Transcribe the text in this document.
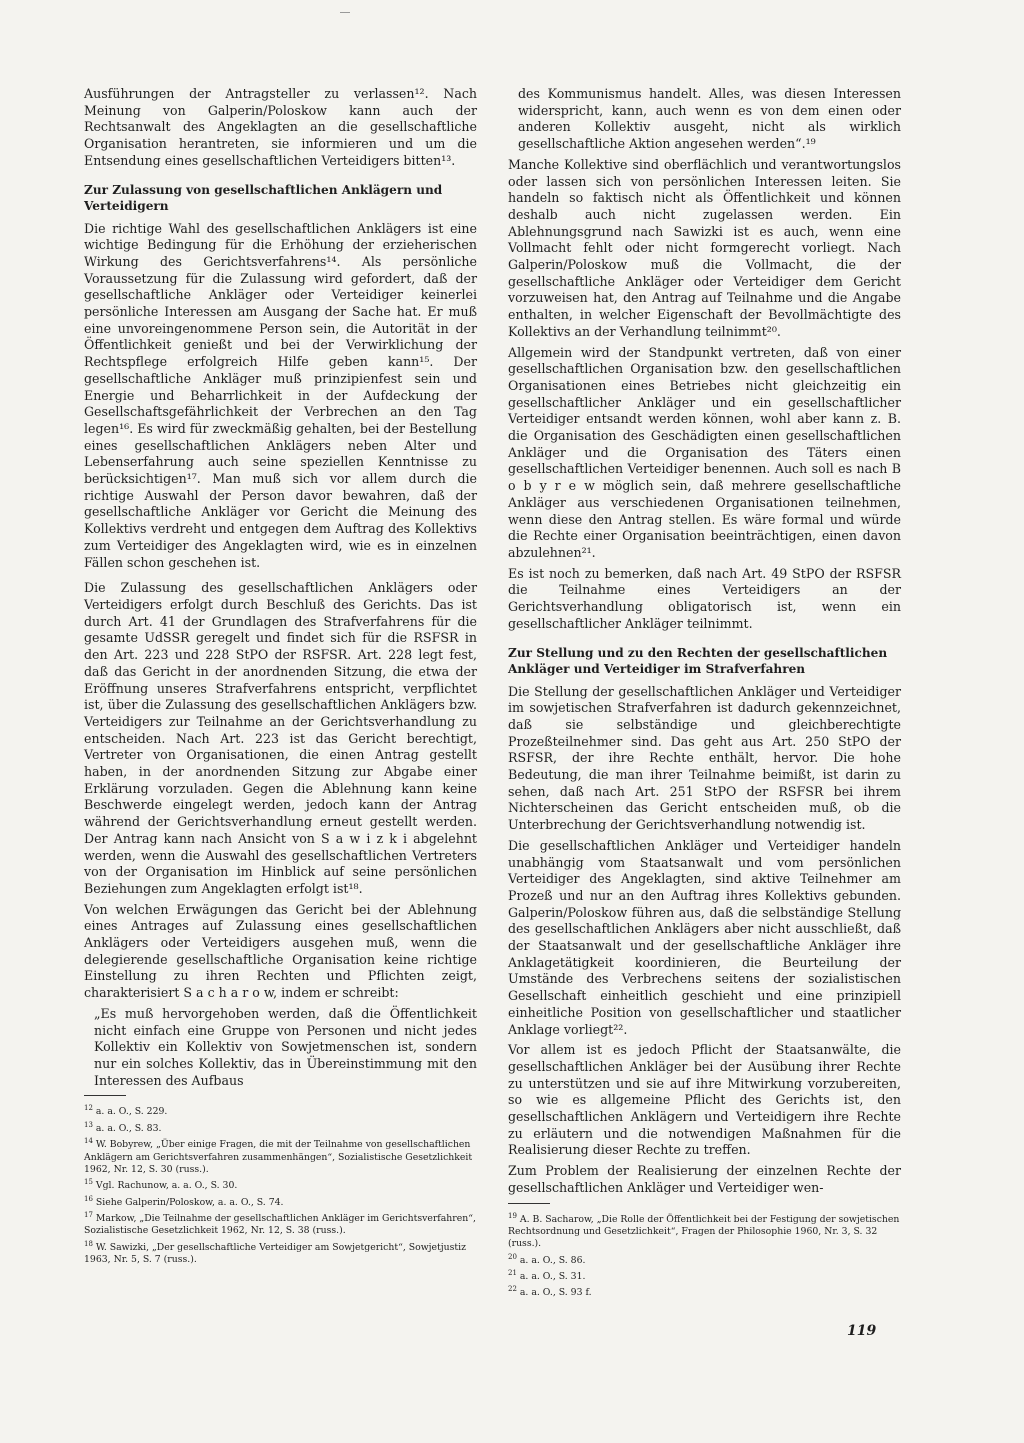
Ausführungen der Antragsteller zu verlassen¹². Nach Meinung von Galperin/Poloskow kann auch der Rechtsanwalt des Angeklagten an die gesellschaftliche Organisation herantreten, sie informieren und um die Entsendung eines gesellschaftlichen Verteidigers bitten¹³.

Zur Zulassung von gesellschaftlichen Anklägern und Verteidigern

Die richtige Wahl des gesellschaftlichen Anklägers ist eine wichtige Bedingung für die Erhöhung der erzieherischen Wirkung des Gerichtsverfahrens¹⁴. Als persönliche Voraussetzung für die Zulassung wird gefordert, daß der gesellschaftliche Ankläger oder Verteidiger keinerlei persönliche Interessen am Ausgang der Sache hat. Er muß eine unvoreingenommene Person sein, die Autorität in der Öffentlichkeit genießt und bei der Verwirklichung der Rechtspflege erfolgreich Hilfe geben kann¹⁵. Der gesellschaftliche Ankläger muß prinzipienfest sein und Energie und Beharrlichkeit in der Aufdeckung der Gesellschaftsgefährlichkeit der Verbrechen an den Tag legen¹⁶. Es wird für zweckmäßig gehalten, bei der Bestellung eines gesellschaftlichen Anklägers neben Alter und Lebenserfahrung auch seine speziellen Kenntnisse zu berücksichtigen¹⁷. Man muß sich vor allem durch die richtige Auswahl der Person davor bewahren, daß der gesellschaftliche Ankläger vor Gericht die Meinung des Kollektivs verdreht und entgegen dem Auftrag des Kollektivs zum Verteidiger des Angeklagten wird, wie es in einzelnen Fällen schon geschehen ist.

Die Zulassung des gesellschaftlichen Anklägers oder Verteidigers erfolgt durch Beschluß des Gerichts. Das ist durch Art. 41 der Grundlagen des Strafverfahrens für die gesamte UdSSR geregelt und findet sich für die RSFSR in den Art. 223 und 228 StPO der RSFSR. Art. 228 legt fest, daß das Gericht in der anordnenden Sitzung, die etwa der Eröffnung unseres Strafverfahrens entspricht, verpflichtet ist, über die Zulassung des gesellschaftlichen Anklägers bzw. Verteidigers zur Teilnahme an der Gerichtsverhandlung zu entscheiden. Nach Art. 223 ist das Gericht berechtigt, Vertreter von Organisationen, die einen Antrag gestellt haben, in der anordnenden Sitzung zur Abgabe einer Erklärung vorzuladen. Gegen die Ablehnung kann keine Beschwerde eingelegt werden, jedoch kann der Antrag während der Gerichtsverhandlung erneut gestellt werden. Der Antrag kann nach Ansicht von S a w i z k i abgelehnt werden, wenn die Auswahl des gesellschaftlichen Vertreters von der Organisation im Hinblick auf seine persönlichen Beziehungen zum Angeklagten erfolgt ist¹⁸.

Von welchen Erwägungen das Gericht bei der Ablehnung eines Antrages auf Zulassung eines gesellschaftlichen Anklägers oder Verteidigers ausgehen muß, wenn die delegierende gesellschaftliche Organisation keine richtige Einstellung zu ihren Rechten und Pflichten zeigt, charakterisiert S a c h a r o w, indem er schreibt:

„Es muß hervorgehoben werden, daß die Öffentlichkeit nicht einfach eine Gruppe von Personen und nicht jedes Kollektiv ein Kollektiv von Sowjetmenschen ist, sondern nur ein solches Kollektiv, das in Übereinstimmung mit den Interessen des Aufbaus

$^{12}$ a. a. O., S. 229.

$^{13}$ a. a. O., S. 83.

$^{14}$ W. Bobyrew, „Über einige Fragen, die mit der Teilnahme von gesellschaftlichen Anklägern am Gerichtsverfahren zusammenhängen“, Sozialistische Gesetzlichkeit 1962, Nr. 12, S. 30 (russ.).

$^{15}$ Vgl. Rachunow, a. a. O., S. 30.

$^{16}$ Siehe Galperin/Poloskow, a. a. O., S. 74.

$^{17}$ Markow, „Die Teilnahme der gesellschaftlichen Ankläger im Gerichtsverfahren“, Sozialistische Gesetzlichkeit 1962, Nr. 12, S. 38 (russ.).

$^{18}$ W. Sawizki, „Der gesellschaftliche Verteidiger am Sowjetgericht“, Sowjetjustiz 1963, Nr. 5, S. 7 (russ.).

des Kommunismus handelt. Alles, was diesen Interessen widerspricht, kann, auch wenn es von dem einen oder anderen Kollektiv ausgeht, nicht als wirklich gesellschaftliche Aktion angesehen werden“.¹⁹

Manche Kollektive sind oberflächlich und verantwortungslos oder lassen sich von persönlichen Interessen leiten. Sie handeln so faktisch nicht als Öffentlichkeit und können deshalb auch nicht zugelassen werden. Ein Ablehnungsgrund nach Sawizki ist es auch, wenn eine Vollmacht fehlt oder nicht formgerecht vorliegt. Nach Galperin/Poloskow muß die Vollmacht, die der gesellschaftliche Ankläger oder Verteidiger dem Gericht vorzuweisen hat, den Antrag auf Teilnahme und die Angabe enthalten, in welcher Eigenschaft der Bevollmächtigte des Kollektivs an der Verhandlung teilnimmt²⁰.

Allgemein wird der Standpunkt vertreten, daß von einer gesellschaftlichen Organisation bzw. den gesellschaftlichen Organisationen eines Betriebes nicht gleichzeitig ein gesellschaftlicher Ankläger und ein gesellschaftlicher Verteidiger entsandt werden können, wohl aber kann z. B. die Organisation des Geschädigten einen gesellschaftlichen Ankläger und die Organisation des Täters einen gesellschaftlichen Verteidiger benennen. Auch soll es nach B o b y r e w möglich sein, daß mehrere gesellschaftliche Ankläger aus verschiedenen Organisationen teilnehmen, wenn diese den Antrag stellen. Es wäre formal und würde die Rechte einer Organisation beeinträchtigen, einen davon abzulehnen²¹.

Es ist noch zu bemerken, daß nach Art. 49 StPO der RSFSR die Teilnahme eines Verteidigers an der Gerichtsverhandlung obligatorisch ist, wenn ein gesellschaftlicher Ankläger teilnimmt.

Zur Stellung und zu den Rechten der gesellschaftlichen Ankläger und Verteidiger im Strafverfahren

Die Stellung der gesellschaftlichen Ankläger und Verteidiger im sowjetischen Strafverfahren ist dadurch gekennzeichnet, daß sie selbständige und gleichberechtigte Prozeßteilnehmer sind. Das geht aus Art. 250 StPO der RSFSR, der ihre Rechte enthält, hervor. Die hohe Bedeutung, die man ihrer Teilnahme beimißt, ist darin zu sehen, daß nach Art. 251 StPO der RSFSR bei ihrem Nichterscheinen das Gericht entscheiden muß, ob die Unterbrechung der Gerichtsverhandlung notwendig ist.

Die gesellschaftlichen Ankläger und Verteidiger handeln unabhängig vom Staatsanwalt und vom persönlichen Verteidiger des Angeklagten, sind aktive Teilnehmer am Prozeß und nur an den Auftrag ihres Kollektivs gebunden. Galperin/Poloskow führen aus, daß die selbständige Stellung des gesellschaftlichen Anklägers aber nicht ausschließt, daß der Staatsanwalt und der gesellschaftliche Ankläger ihre Anklagetätigkeit koordinieren, die Beurteilung der Umstände des Verbrechens seitens der sozialistischen Gesellschaft einheitlich geschieht und eine prinzipiell einheitliche Position von gesellschaftlicher und staatlicher Anklage vorliegt²².

Vor allem ist es jedoch Pflicht der Staatsanwälte, die gesellschaftlichen Ankläger bei der Ausübung ihrer Rechte zu unterstützen und sie auf ihre Mitwirkung vorzubereiten, so wie es allgemeine Pflicht des Gerichts ist, den gesellschaftlichen Anklägern und Verteidigern ihre Rechte zu erläutern und die notwendigen Maßnahmen für die Realisierung dieser Rechte zu treffen.

Zum Problem der Realisierung der einzelnen Rechte der gesellschaftlichen Ankläger und Verteidiger wen-

$^{19}$ A. B. Sacharow, „Die Rolle der Öffentlichkeit bei der Festigung der sowjetischen Rechtsordnung und Gesetzlichkeit“, Fragen der Philosophie 1960, Nr. 3, S. 32 (russ.).

$^{20}$ a. a. O., S. 86.

$^{21}$ a. a. O., S. 31.

$^{22}$ a. a. O., S. 93 f.

119
